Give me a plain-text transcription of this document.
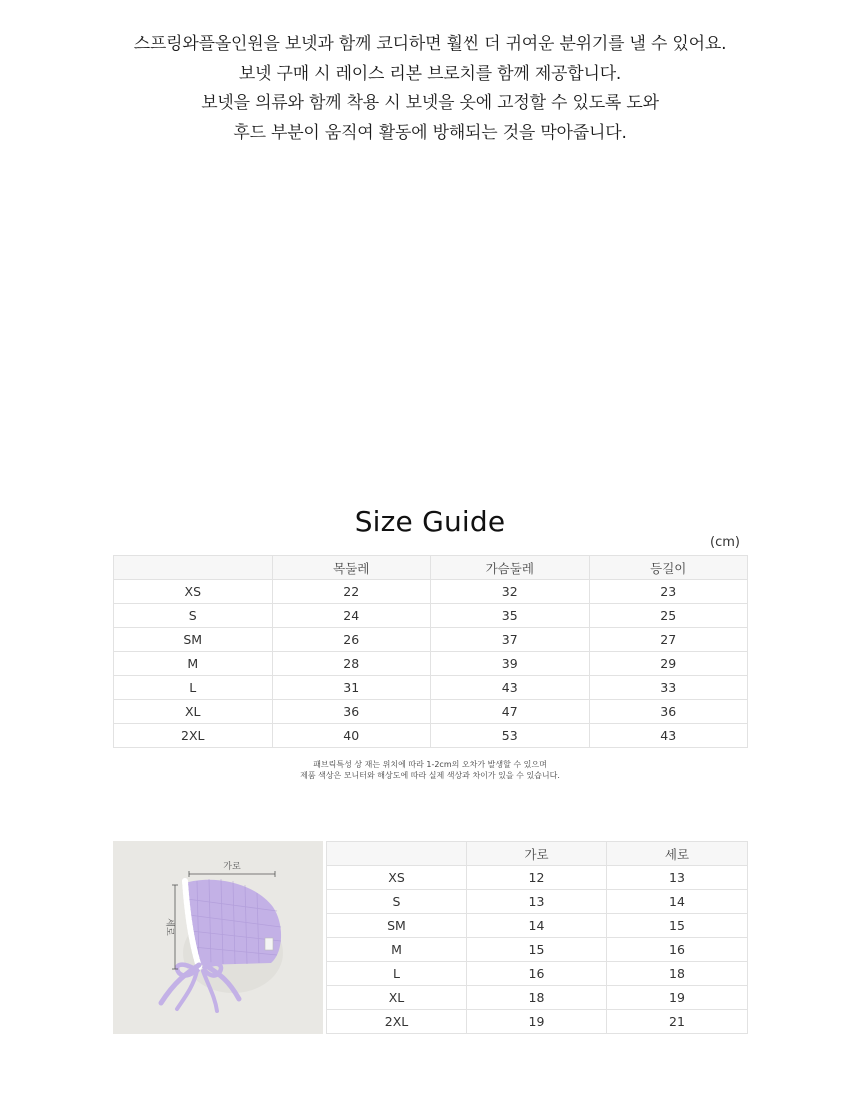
스프링와플올인원을 보넷과 함께 코디하면 훨씬 더 귀여운 분위기를 낼 수 있어요.
보넷 구매 시 레이스 리본 브로치를 함께 제공합니다.
보넷을 의류와 함께 착용 시 보넷을 옷에 고정할 수 있도록 도와
후드 부분이 움직여 활동에 방해되는 것을 막아줍니다.
Size Guide
(cm)
	목둘레	가슴둘레	등길이
XS	22	32	23
S	24	35	25
SM	26	37	27
M	28	39	29
L	31	43	33
XL	36	47	36
2XL	40	53	43
패브릭특성 상 재는 위치에 따라 1-2cm의 오차가 발생할 수 있으며
제품 색상은 모니터와 해상도에 따라 실제 색상과 차이가 있을 수 있습니다.
가로
세로
	가로	세로
XS	12	13
S	13	14
SM	14	15
M	15	16
L	16	18
XL	18	19
2XL	19	21
